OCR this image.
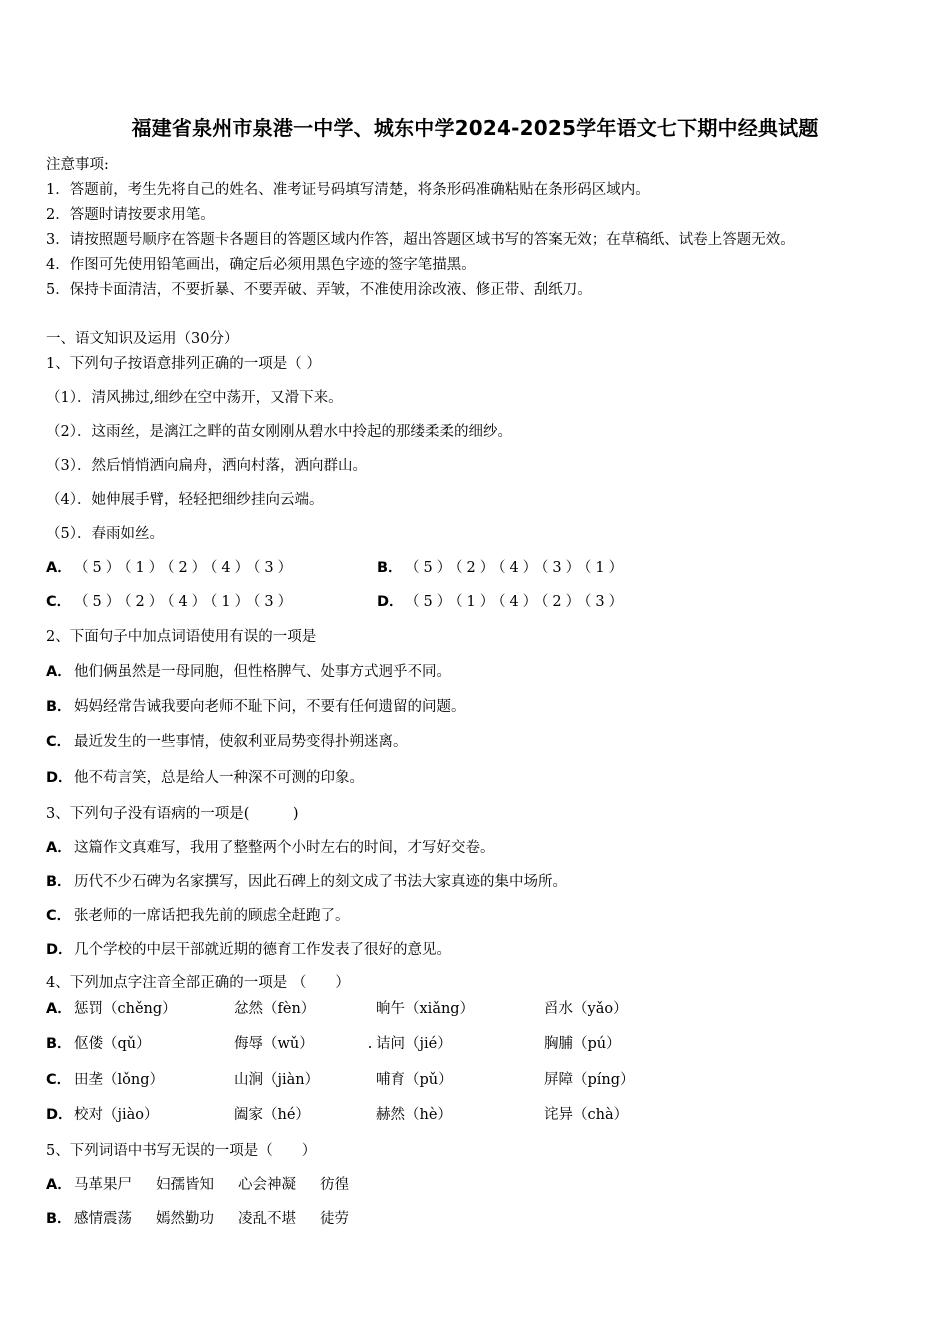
福建省泉州市泉港一中学、城东中学2024-2025学年语文七下期中经典试题
注意事项:
1．答题前，考生先将自己的姓名、准考证号码填写清楚，将条形码准确粘贴在条形码区域内。
2．答题时请按要求用笔。
3．请按照题号顺序在答题卡各题目的答题区域内作答，超出答题区域书写的答案无效；在草稿纸、试卷上答题无效。
4．作图可先使用铅笔画出，确定后必须用黑色字迹的签字笔描黑。
5．保持卡面清洁，不要折暴、不要弄破、弄皱，不准使用涂改液、修正带、刮纸刀。
一、语文知识及运用（30分）
1、下列句子按语意排列正确的一项是（ ）
（1）．清风拂过,细纱在空中荡开，又滑下来。
（2）．这雨丝，是漓江之畔的苗女刚刚从碧水中拎起的那缕柔柔的细纱。
（3）．然后悄悄洒向扁舟，洒向村落，洒向群山。
（4）．她伸展手臂，轻轻把细纱挂向云端。
（5）．春雨如丝。
A． （5）（1）（2）（4）（3）	B． （5）（2）（4）（3）（1）
C． （5）（2）（4）（1）（3）	D．（5）（1）（4）（2）（3）
2、下面句子中加点词语使用有误的一项是
A． 他们俩虽然是一母同胞，但性格脾气、处事方式迥乎不同。
B． 妈妈经常告诫我要向老师不耻下问，不要有任何遗留的问题。
C． 最近发生的一些事情，使叙利亚局势变得扑朔迷离。
D．他不苟言笑，总是给人一种深不可测的印象。
3、下列句子没有语病的一项是(　　　)
A． 这篇作文真难写，我用了整整两个小时左右的时间，才写好交卷。
B． 历代不少石碑为名家撰写，因此石碑上的刻文成了书法大家真迹的集中场所。
C． 张老师的一席话把我先前的顾虑全赶跑了。
D．几个学校的中层干部就近期的德育工作发表了很好的意见。
4、下列加点字注音全部正确的一项是 （　　）
A． 惩罚（chěng）	忿然（fèn）	晌午（xiǎng）	舀水（yǎo）
B． 伛偻（qǔ）	侮辱（wǔ）	诘问（jié）	胸脯（pú）
C． 田垄（lǒng）	山涧（jiàn）	哺育（pǔ）	屏障（píng）
D．校对（jiào）	阖家（hé）	赫然（hè）	诧异（chà）
5、下列词语中书写无误的一项是（　　）
A． 马革果尸 妇孺皆知 心会神凝 彷徨
B． 感情震荡 嫣然勤功 凌乱不堪 徒劳
